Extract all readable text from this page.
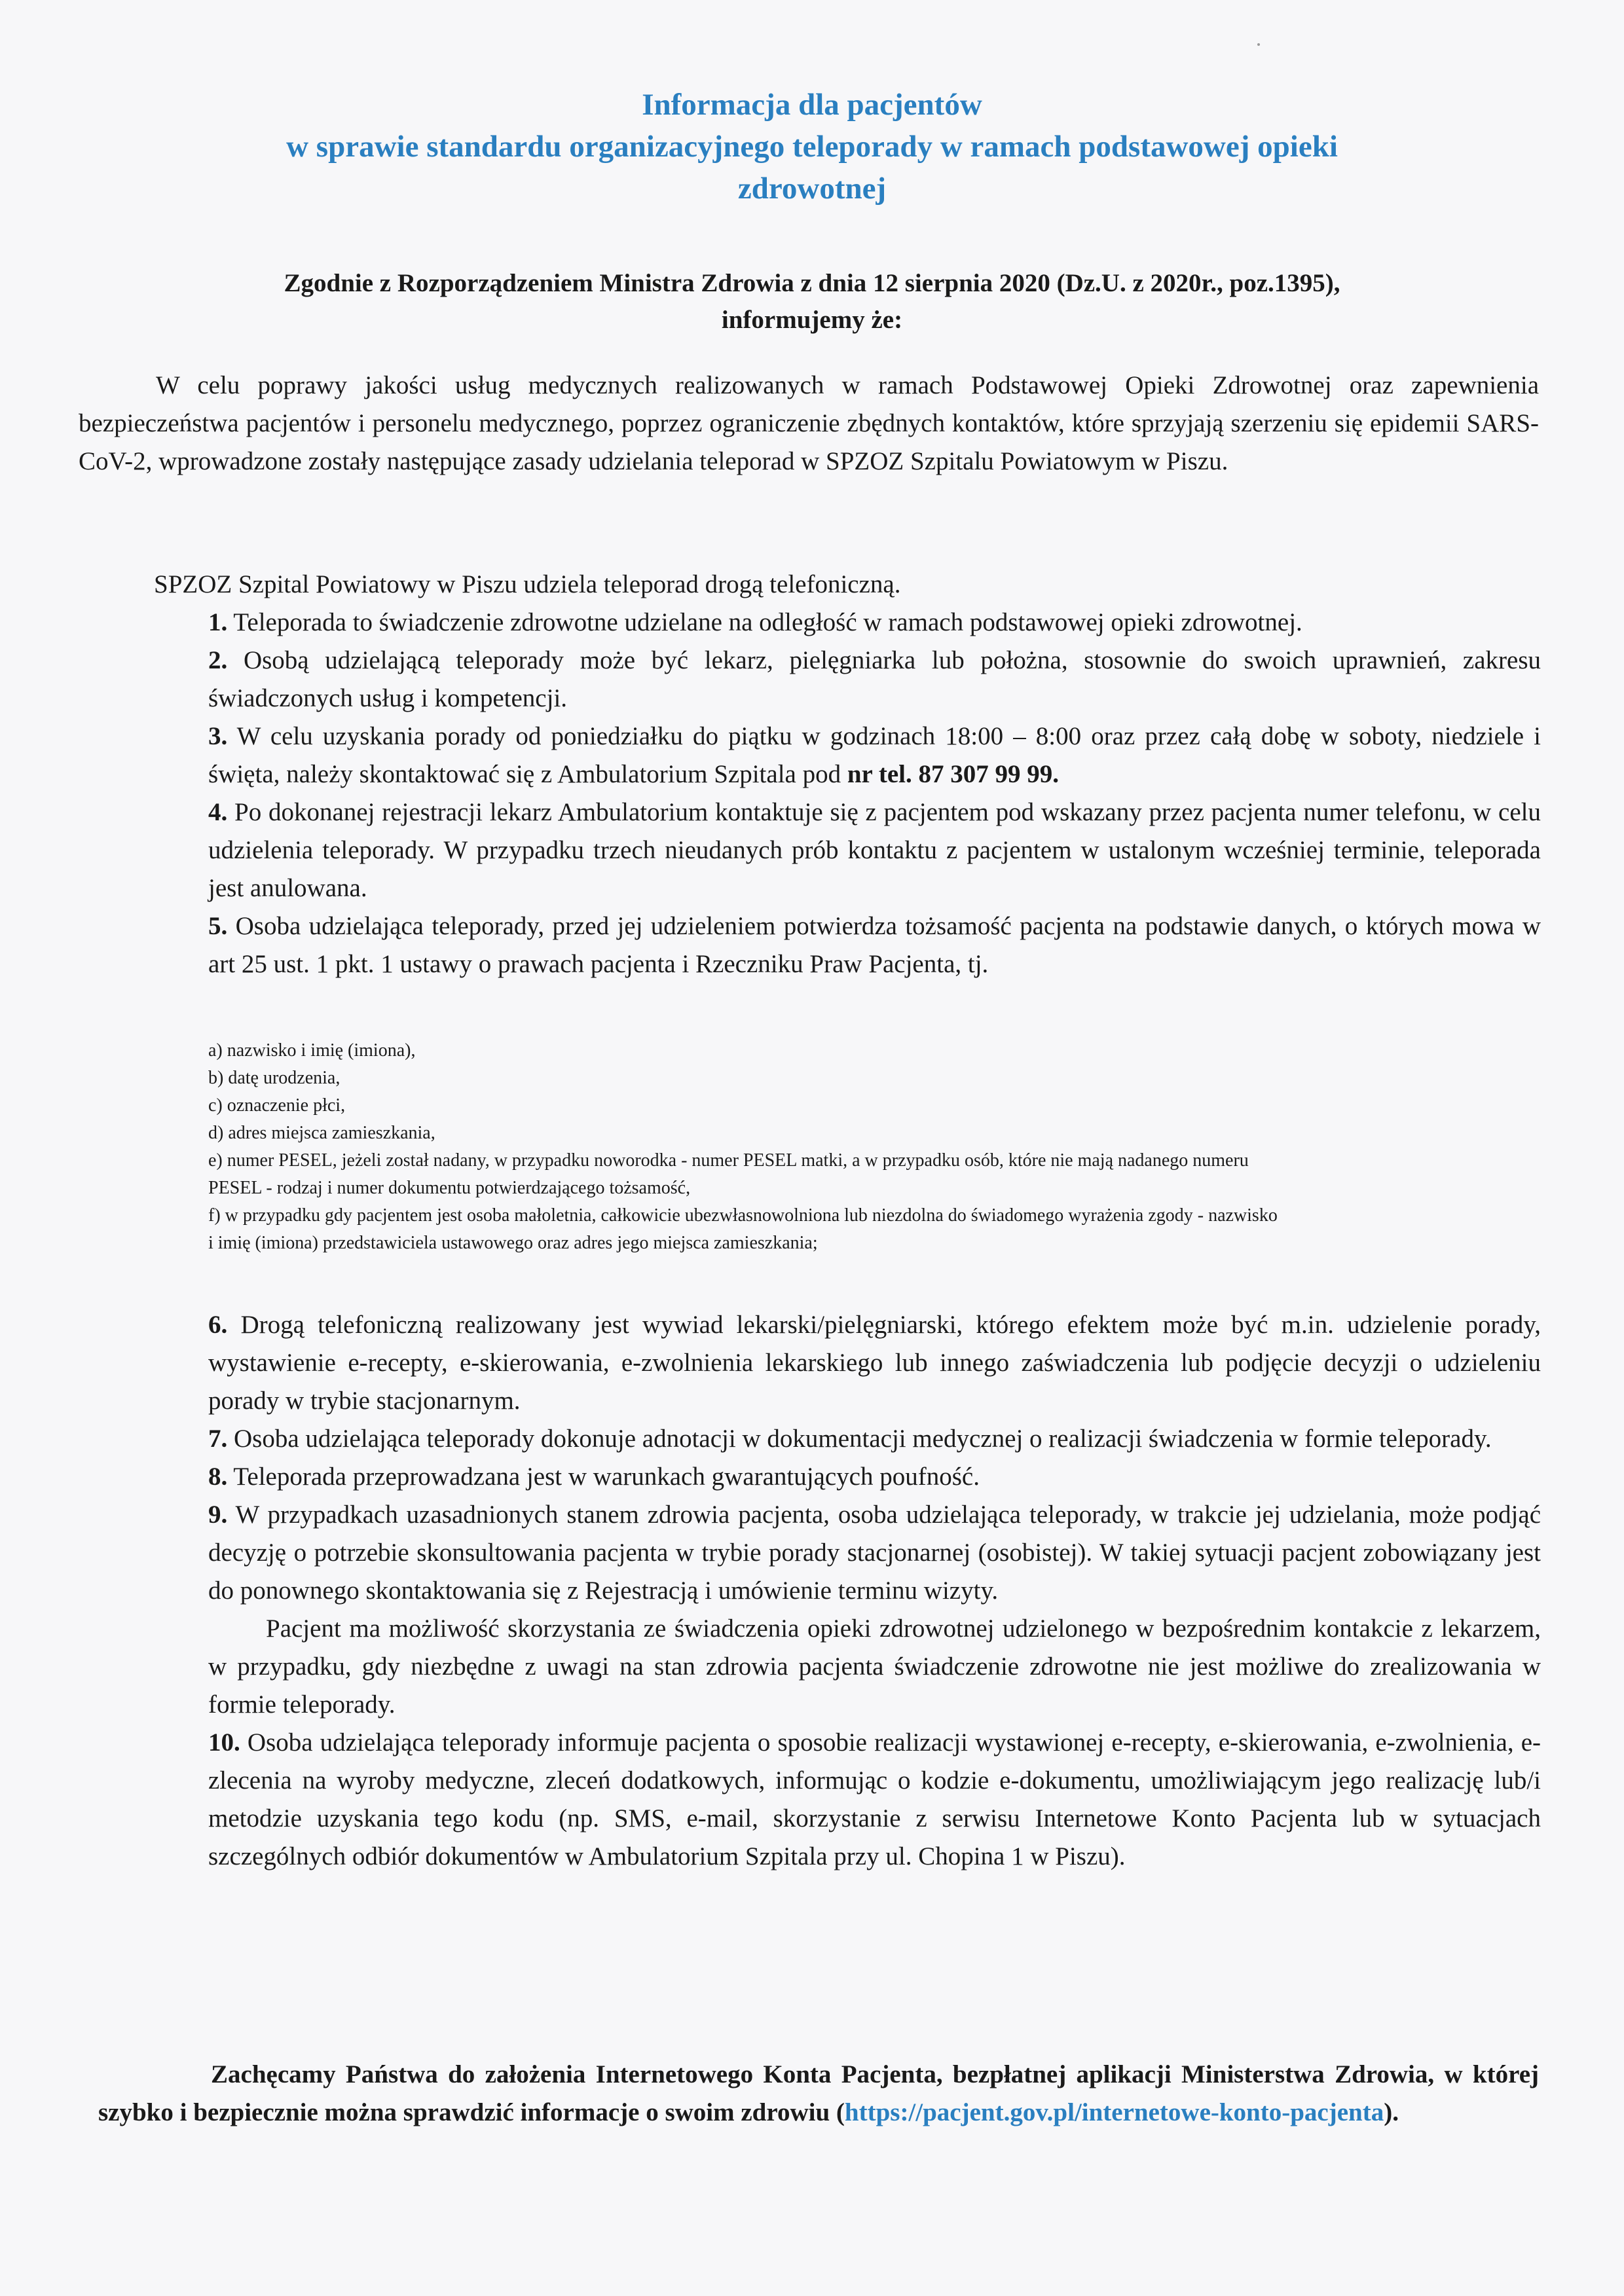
Informacja dla pacjentów
w sprawie standardu organizacyjnego teleporady w ramach podstawowej opieki
zdrowotnej
Zgodnie z Rozporządzeniem Ministra Zdrowia z dnia 12 sierpnia 2020 (Dz.U. z 2020r., poz.1395),
informujemy że:
W celu poprawy jakości usług medycznych realizowanych w ramach Podstawowej Opieki Zdrowotnej oraz zapewnienia bezpieczeństwa pacjentów i personelu medycznego, poprzez ograniczenie zbędnych kontaktów, które sprzyjają szerzeniu się epidemii SARS-CoV-2, wprowadzone zostały następujące zasady udzielania teleporad w SPZOZ Szpitalu Powiatowym w Piszu.
SPZOZ Szpital Powiatowy w Piszu udziela teleporad drogą telefoniczną.
1. Teleporada to świadczenie zdrowotne udzielane na odległość w ramach podstawowej opieki zdrowotnej.
2. Osobą udzielającą teleporady może być lekarz, pielęgniarka lub położna, stosownie do swoich uprawnień, zakresu świadczonych usług i kompetencji.
3. W celu uzyskania porady od poniedziałku do piątku w godzinach 18:00 – 8:00 oraz przez całą dobę w soboty, niedziele i święta, należy skontaktować się z Ambulatorium Szpitala pod nr tel. 87 307 99 99.
4. Po dokonanej rejestracji lekarz Ambulatorium kontaktuje się z pacjentem pod wskazany przez pacjenta numer telefonu, w celu udzielenia teleporady. W przypadku trzech nieudanych prób kontaktu z pacjentem w ustalonym wcześniej terminie, teleporada jest anulowana.
5. Osoba udzielająca teleporady, przed jej udzieleniem potwierdza tożsamość pacjenta na podstawie danych, o których mowa w art 25 ust. 1 pkt. 1 ustawy o prawach pacjenta i Rzeczniku Praw Pacjenta, tj.
a) nazwisko i imię (imiona),
b) datę urodzenia,
c) oznaczenie płci,
d) adres miejsca zamieszkania,
e) numer PESEL, jeżeli został nadany, w przypadku noworodka - numer PESEL matki, a w przypadku osób, które nie mają nadanego numeru
PESEL - rodzaj i numer dokumentu potwierdzającego tożsamość,
f) w przypadku gdy pacjentem jest osoba małoletnia, całkowicie ubezwłasnowolniona lub niezdolna do świadomego wyrażenia zgody - nazwisko
i imię (imiona) przedstawiciela ustawowego oraz adres jego miejsca zamieszkania;
6. Drogą telefoniczną realizowany jest wywiad lekarski/pielęgniarski, którego efektem może być m.in. udzielenie porady, wystawienie e-recepty, e-skierowania, e-zwolnienia lekarskiego lub innego zaświadczenia lub podjęcie decyzji o udzieleniu porady w trybie stacjonarnym.
7. Osoba udzielająca teleporady dokonuje adnotacji w dokumentacji medycznej o realizacji świadczenia w formie teleporady.
8. Teleporada przeprowadzana jest w warunkach gwarantujących poufność.
9. W przypadkach uzasadnionych stanem zdrowia pacjenta, osoba udzielająca teleporady, w trakcie jej udzielania, może podjąć decyzję o potrzebie skonsultowania pacjenta w trybie porady stacjonarnej (osobistej). W takiej sytuacji pacjent zobowiązany jest do ponownego skontaktowania się z Rejestracją i umówienie terminu wizyty.
Pacjent ma możliwość skorzystania ze świadczenia opieki zdrowotnej udzielonego w bezpośrednim kontakcie z lekarzem, w przypadku, gdy niezbędne z uwagi na stan zdrowia pacjenta świadczenie zdrowotne nie jest możliwe do zrealizowania w formie teleporady.
10. Osoba udzielająca teleporady informuje pacjenta o sposobie realizacji wystawionej e-recepty, e-skierowania, e-zwolnienia, e-zlecenia na wyroby medyczne, zleceń dodatkowych, informując o kodzie e-dokumentu, umożliwiającym jego realizację lub/i metodzie uzyskania tego kodu (np. SMS, e-mail, skorzystanie z serwisu Internetowe Konto Pacjenta lub w sytuacjach szczególnych odbiór dokumentów w Ambulatorium Szpitala przy ul. Chopina 1 w Piszu).
Zachęcamy Państwa do założenia Internetowego Konta Pacjenta, bezpłatnej aplikacji Ministerstwa Zdrowia, w której szybko i bezpiecznie można sprawdzić informacje o swoim zdrowiu (https://pacjent.gov.pl/internetowe-konto-pacjenta).
